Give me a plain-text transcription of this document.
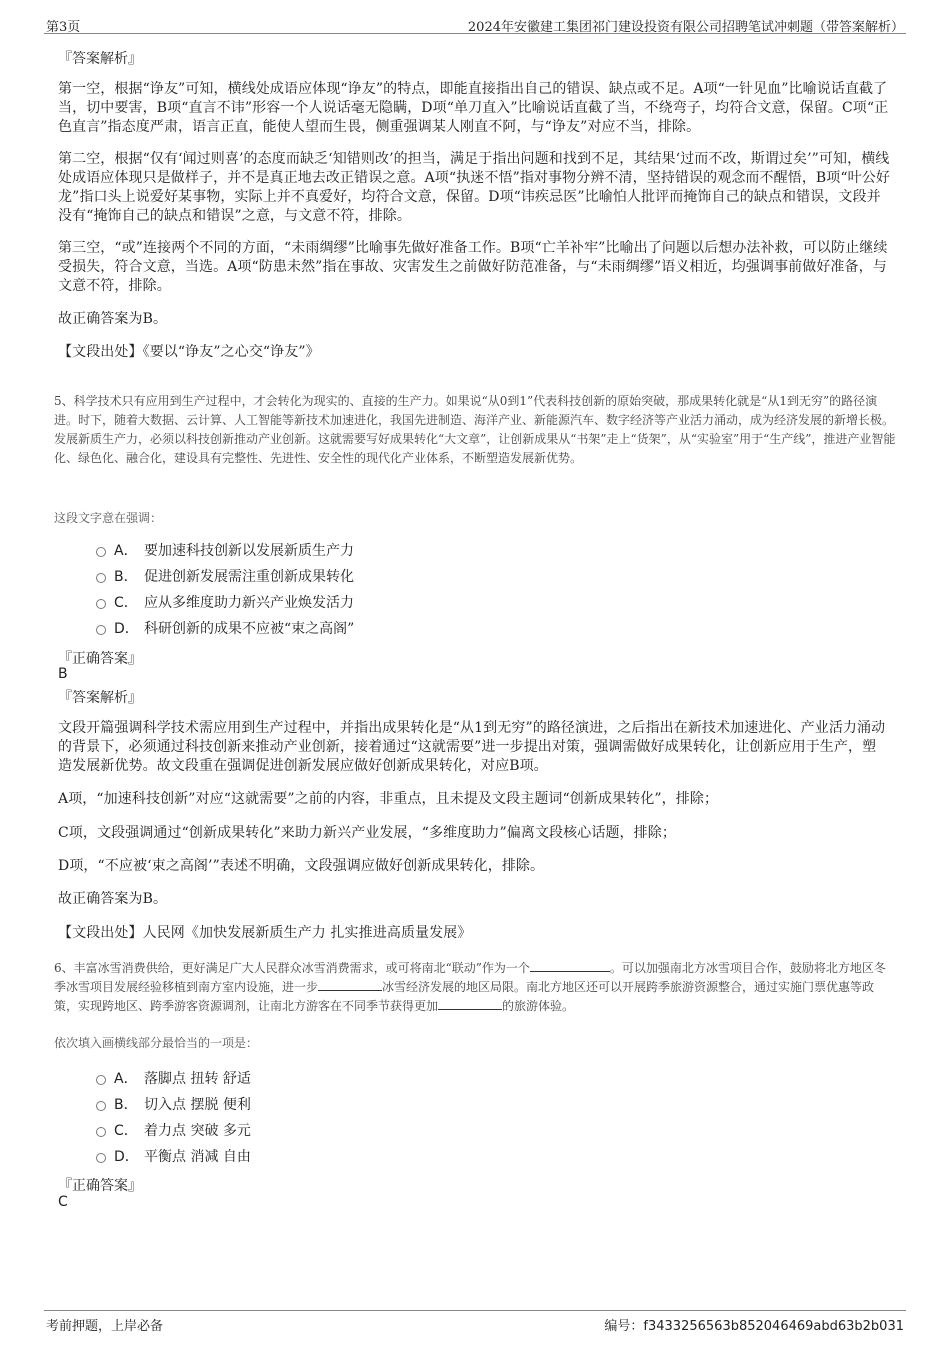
第3页	2024年安徽建工集团祁门建设投资有限公司招聘笔试冲刺题（带答案解析）
『答案解析』
第一空，根据“诤友”可知，横线处成语应体现“诤友”的特点，即能直接指出自己的错误、缺点或不足。A项“一针见血”比喻说话直截了当，切中要害，B项“直言不讳”形容一个人说话毫无隐瞒，D项“单刀直入”比喻说话直截了当，不绕弯子，均符合文意，保留。C项“正色直言”指态度严肃，语言正直，能使人望而生畏，侧重强调某人刚直不阿，与“诤友”对应不当，排除。
第二空，根据“仅有‘闻过则喜’的态度而缺乏‘知错则改’的担当，满足于指出问题和找到不足，其结果‘过而不改，斯谓过矣’”可知，横线处成语应体现只是做样子，并不是真正地去改正错误之意。A项“执迷不悟”指对事物分辨不清，坚持错误的观念而不醒悟，B项“叶公好龙”指口头上说爱好某事物，实际上并不真爱好，均符合文意，保留。D项“讳疾忌医”比喻怕人批评而掩饰自己的缺点和错误，文段并没有“掩饰自己的缺点和错误”之意，与文意不符，排除。
第三空，“或”连接两个不同的方面，“未雨绸缪”比喻事先做好准备工作。B项“亡羊补牢”比喻出了问题以后想办法补救，可以防止继续受损失，符合文意，当选。A项“防患未然”指在事故、灾害发生之前做好防范准备，与“未雨绸缪”语义相近，均强调事前做好准备，与文意不符，排除。
故正确答案为B。
【文段出处】《要以“诤友”之心交“诤友”》
5、科学技术只有应用到生产过程中，才会转化为现实的、直接的生产力。如果说“从0到1”代表科技创新的原始突破，那成果转化就是“从1到无穷”的路径演进。时下，随着大数据、云计算、人工智能等新技术加速进化，我国先进制造、海洋产业、新能源汽车、数字经济等产业活力涌动，成为经济发展的新增长极。发展新质生产力，必须以科技创新推动产业创新。这就需要写好成果转化“大文章”，让创新成果从“书架”走上“货架”，从“实验室”用于“生产线”，推进产业智能化、绿色化、融合化，建设具有完整性、先进性、安全性的现代化产业体系，不断塑造发展新优势。
这段文字意在强调：
A． 要加速科技创新以发展新质生产力
B． 促进创新发展需注重创新成果转化
C． 应从多维度助力新兴产业焕发活力
D． 科研创新的成果不应被“束之高阁”
『正确答案』
B
『答案解析』
文段开篇强调科学技术需应用到生产过程中，并指出成果转化是“从1到无穷”的路径演进，之后指出在新技术加速进化、产业活力涌动的背景下，必须通过科技创新来推动产业创新，接着通过“这就需要”进一步提出对策，强调需做好成果转化，让创新应用于生产，塑造发展新优势。故文段重在强调促进创新发展应做好创新成果转化，对应B项。
A项，“加速科技创新”对应“这就需要”之前的内容，非重点，且未提及文段主题词“创新成果转化”，排除；
C项，文段强调通过“创新成果转化”来助力新兴产业发展，“多维度助力”偏离文段核心话题，排除；
D项，“不应被‘束之高阁’”表述不明确，文段强调应做好创新成果转化，排除。
故正确答案为B。
【文段出处】人民网《加快发展新质生产力 扎实推进高质量发展》
6、丰富冰雪消费供给，更好满足广大人民群众冰雪消费需求，或可将南北“联动”作为一个	。可以加强南北方冰雪项目合作，鼓励将北方地区冬季冰雪项目发展经验移植到南方室内设施，进一步	冰雪经济发展的地区局限。南北方地区还可以开展跨季旅游资源整合，通过实施门票优惠等政策，实现跨地区、跨季游客资源调剂，让南北方游客在不同季节获得更加	的旅游体验。
依次填入画横线部分最恰当的一项是：
A． 落脚点 扭转 舒适
B． 切入点 摆脱 便利
C． 着力点 突破 多元
D． 平衡点 消减 自由
『正确答案』
C
考前押题，上岸必备	编号：f3433256563b852046469abd63b2b031
